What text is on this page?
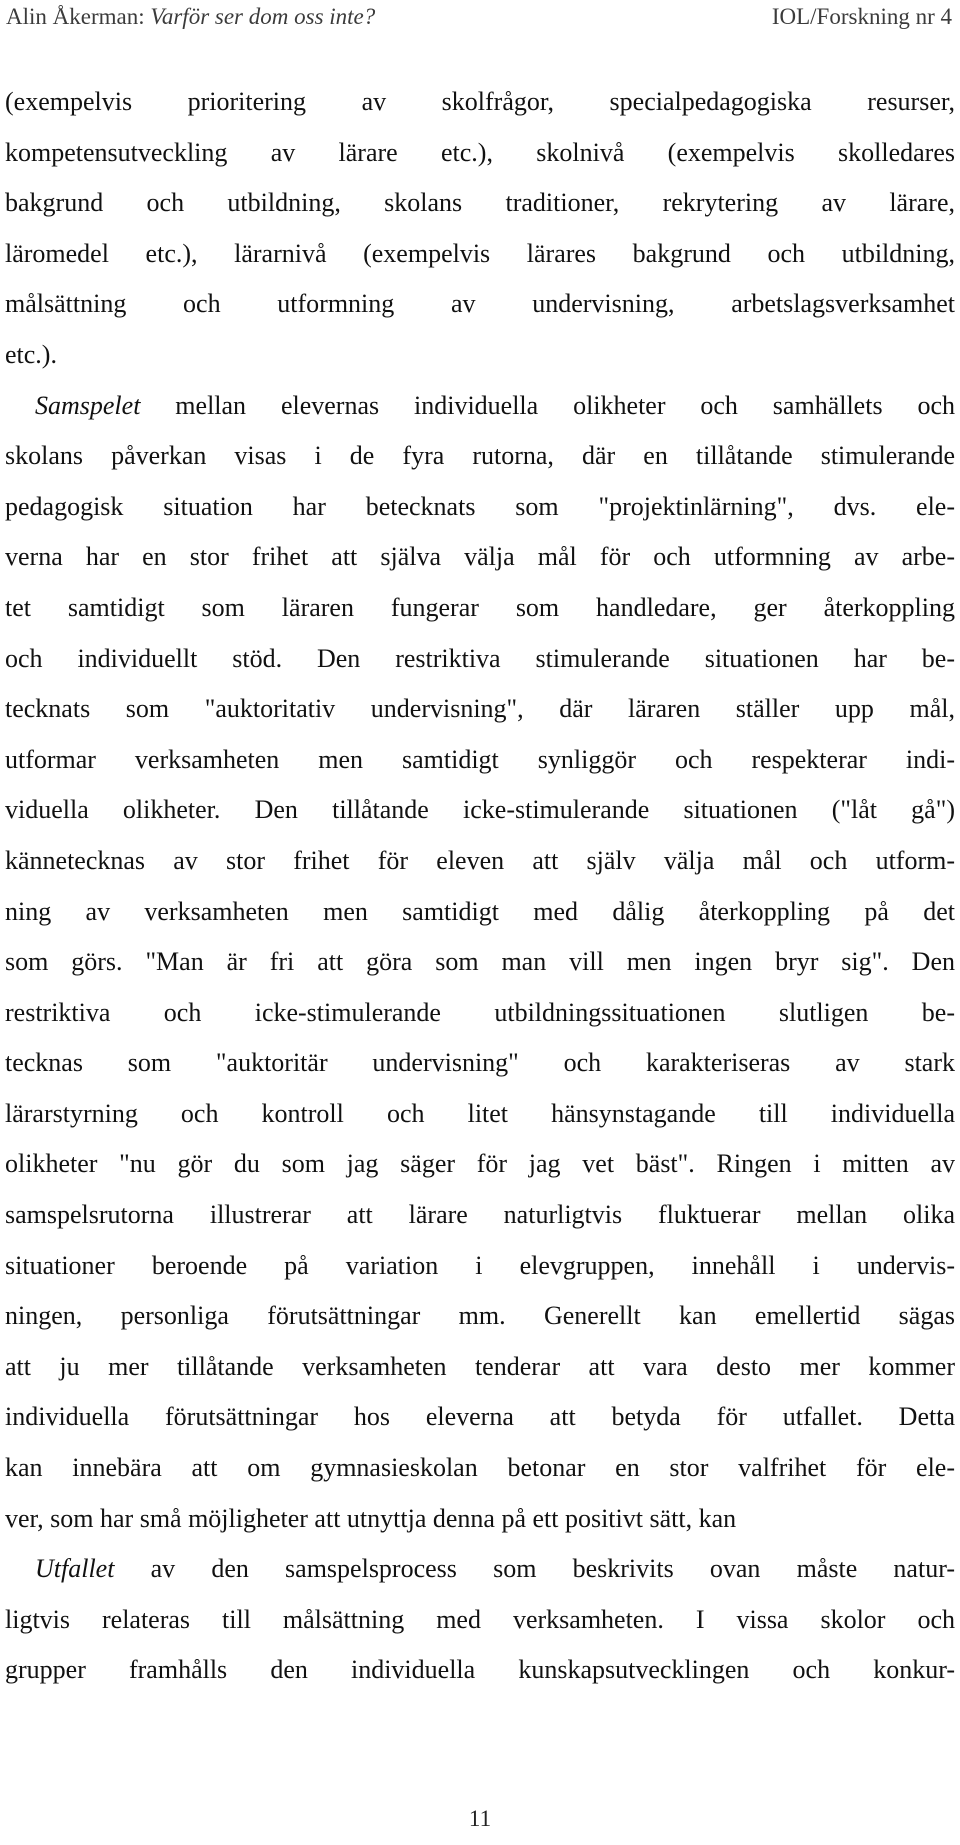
Alin Åkerman: Varför ser dom oss inte?	IOL/Forskning nr 4
(exempelvis prioritering av skolfrågor, specialpedagogiska resurser,
kompetensutveckling av lärare etc.), skolnivå (exempelvis skolledares
bakgrund och utbildning, skolans traditioner, rekrytering av lärare,
läromedel etc.), lärarnivå (exempelvis lärares bakgrund och utbildning,
målsättning och utformning av undervisning, arbetslagsverksamhet
etc.).
Samspelet mellan elevernas individuella olikheter och samhällets och
skolans påverkan visas i de fyra rutorna, där en tillåtande stimulerande
pedagogisk situation har betecknats som "projektinlärning", dvs. ele-
verna har en stor frihet att själva välja mål för och utformning av arbe-
tet samtidigt som läraren fungerar som handledare, ger återkoppling
och individuellt stöd. Den restriktiva stimulerande situationen har be-
tecknats som "auktoritativ undervisning", där läraren ställer upp mål,
utformar verksamheten men samtidigt synliggör och respekterar indi-
viduella olikheter. Den tillåtande icke-stimulerande situationen ("låt gå")
kännetecknas av stor frihet för eleven att själv välja mål och utform-
ning av verksamheten men samtidigt med dålig återkoppling på det
som görs. "Man är fri att göra som man vill men ingen bryr sig". Den
restriktiva och icke-stimulerande utbildningssituationen slutligen be-
tecknas som "auktoritär undervisning" och karakteriseras av stark
lärarstyrning och kontroll och litet hänsynstagande till individuella
olikheter "nu gör du som jag säger för jag vet bäst". Ringen i mitten av
samspelsrutorna illustrerar att lärare naturligtvis fluktuerar mellan olika
situationer beroende på variation i elevgruppen, innehåll i undervis-
ningen, personliga förutsättningar mm. Generellt kan emellertid sägas
att ju mer tillåtande verksamheten tenderar att vara desto mer kommer
individuella förutsättningar hos eleverna att betyda för utfallet. Detta
kan innebära att om gymnasieskolan betonar en stor valfrihet för ele-
ver, som har små möjligheter att utnyttja denna på ett positivt sätt, kan
Utfallet av den samspelsprocess som beskrivits ovan måste natur-
ligtvis relateras till målsättning med verksamheten. I vissa skolor och
grupper framhålls den individuella kunskapsutvecklingen och konkur-
11
